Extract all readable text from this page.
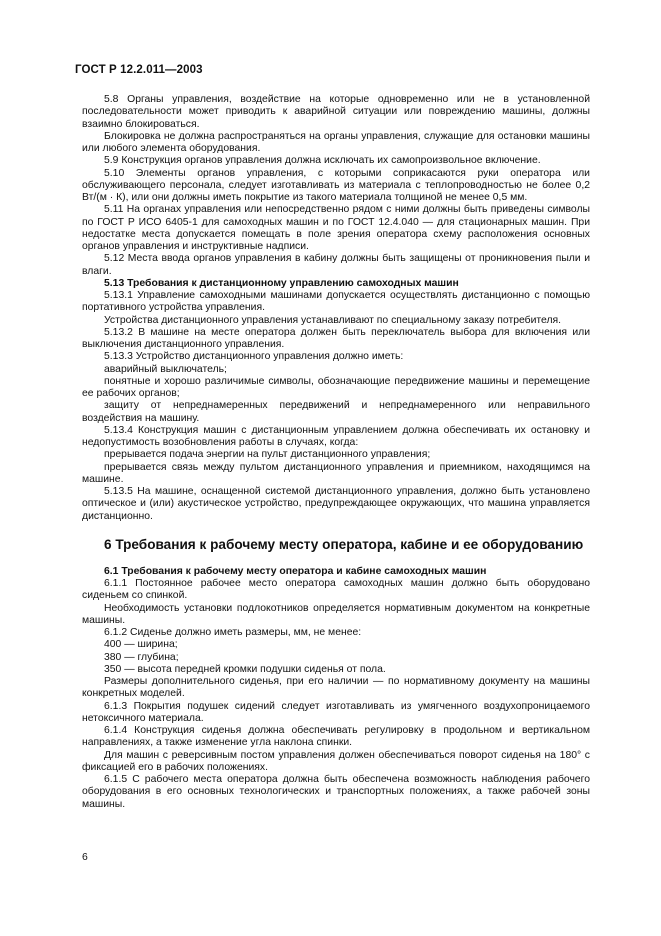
ГОСТ Р 12.2.011—2003

5.8 Органы управления, воздействие на которые одновременно или не в установленной последовательности может приводить к аварийной ситуации или повреждению машины, должны взаимно блокироваться.

Блокировка не должна распространяться на органы управления, служащие для остановки машины или любого элемента оборудования.

5.9 Конструкция органов управления должна исключать их самопроизвольное включение.

5.10 Элементы органов управления, с которыми соприкасаются руки оператора или обслуживающего персонала, следует изготавливать из материала с теплопроводностью не более 0,2 Вт/(м · К), или они должны иметь покрытие из такого материала толщиной не менее 0,5 мм.

5.11 На органах управления или непосредственно рядом с ними должны быть приведены символы по ГОСТ Р ИСО 6405-1 для самоходных машин и по ГОСТ 12.4.040 — для стационарных машин. При недостатке места допускается помещать в поле зрения оператора схему расположения основных органов управления и инструктивные надписи.

5.12 Места ввода органов управления в кабину должны быть защищены от проникновения пыли и влаги.

5.13 Требования к дистанционному управлению самоходных машин

5.13.1 Управление самоходными машинами допускается осуществлять дистанционно с помощью портативного устройства управления.

Устройства дистанционного управления устанавливают по специальному заказу потребителя.

5.13.2 В машине на месте оператора должен быть переключатель выбора для включения или выключения дистанционного управления.

5.13.3 Устройство дистанционного управления должно иметь:

аварийный выключатель;

понятные и хорошо различимые символы, обозначающие передвижение машины и перемещение ее рабочих органов;

защиту от непреднамеренных передвижений и непреднамеренного или неправильного воздействия на машину.

5.13.4 Конструкция машин с дистанционным управлением должна обеспечивать их остановку и недопустимость возобновления работы в случаях, когда:

прерывается подача энергии на пульт дистанционного управления;

прерывается связь между пультом дистанционного управления и приемником, находящимся на машине.

5.13.5 На машине, оснащенной системой дистанционного управления, должно быть установлено оптическое и (или) акустическое устройство, предупреждающее окружающих, что машина управляется дистанционно.

6 Требования к рабочему месту оператора, кабине и ее оборудованию

6.1 Требования к рабочему месту оператора и кабине самоходных машин

6.1.1 Постоянное рабочее место оператора самоходных машин должно быть оборудовано сиденьем со спинкой.

Необходимость установки подлокотников определяется нормативным документом на конкретные машины.

6.1.2 Сиденье должно иметь размеры, мм, не менее:

400 — ширина;

380 — глубина;

350 — высота передней кромки подушки сиденья от пола.

Размеры дополнительного сиденья, при его наличии — по нормативному документу на машины конкретных моделей.

6.1.3 Покрытия подушек сидений следует изготавливать из умягченного воздухопроницаемого нетоксичного материала.

6.1.4 Конструкция сиденья должна обеспечивать регулировку в продольном и вертикальном направлениях, а также изменение угла наклона спинки.

Для машин с реверсивным постом управления должен обеспечиваться поворот сиденья на 180° с фиксацией его в рабочих положениях.

6.1.5 С рабочего места оператора должна быть обеспечена возможность наблюдения рабочего оборудования в его основных технологических и транспортных положениях, а также рабочей зоны машины.

6
